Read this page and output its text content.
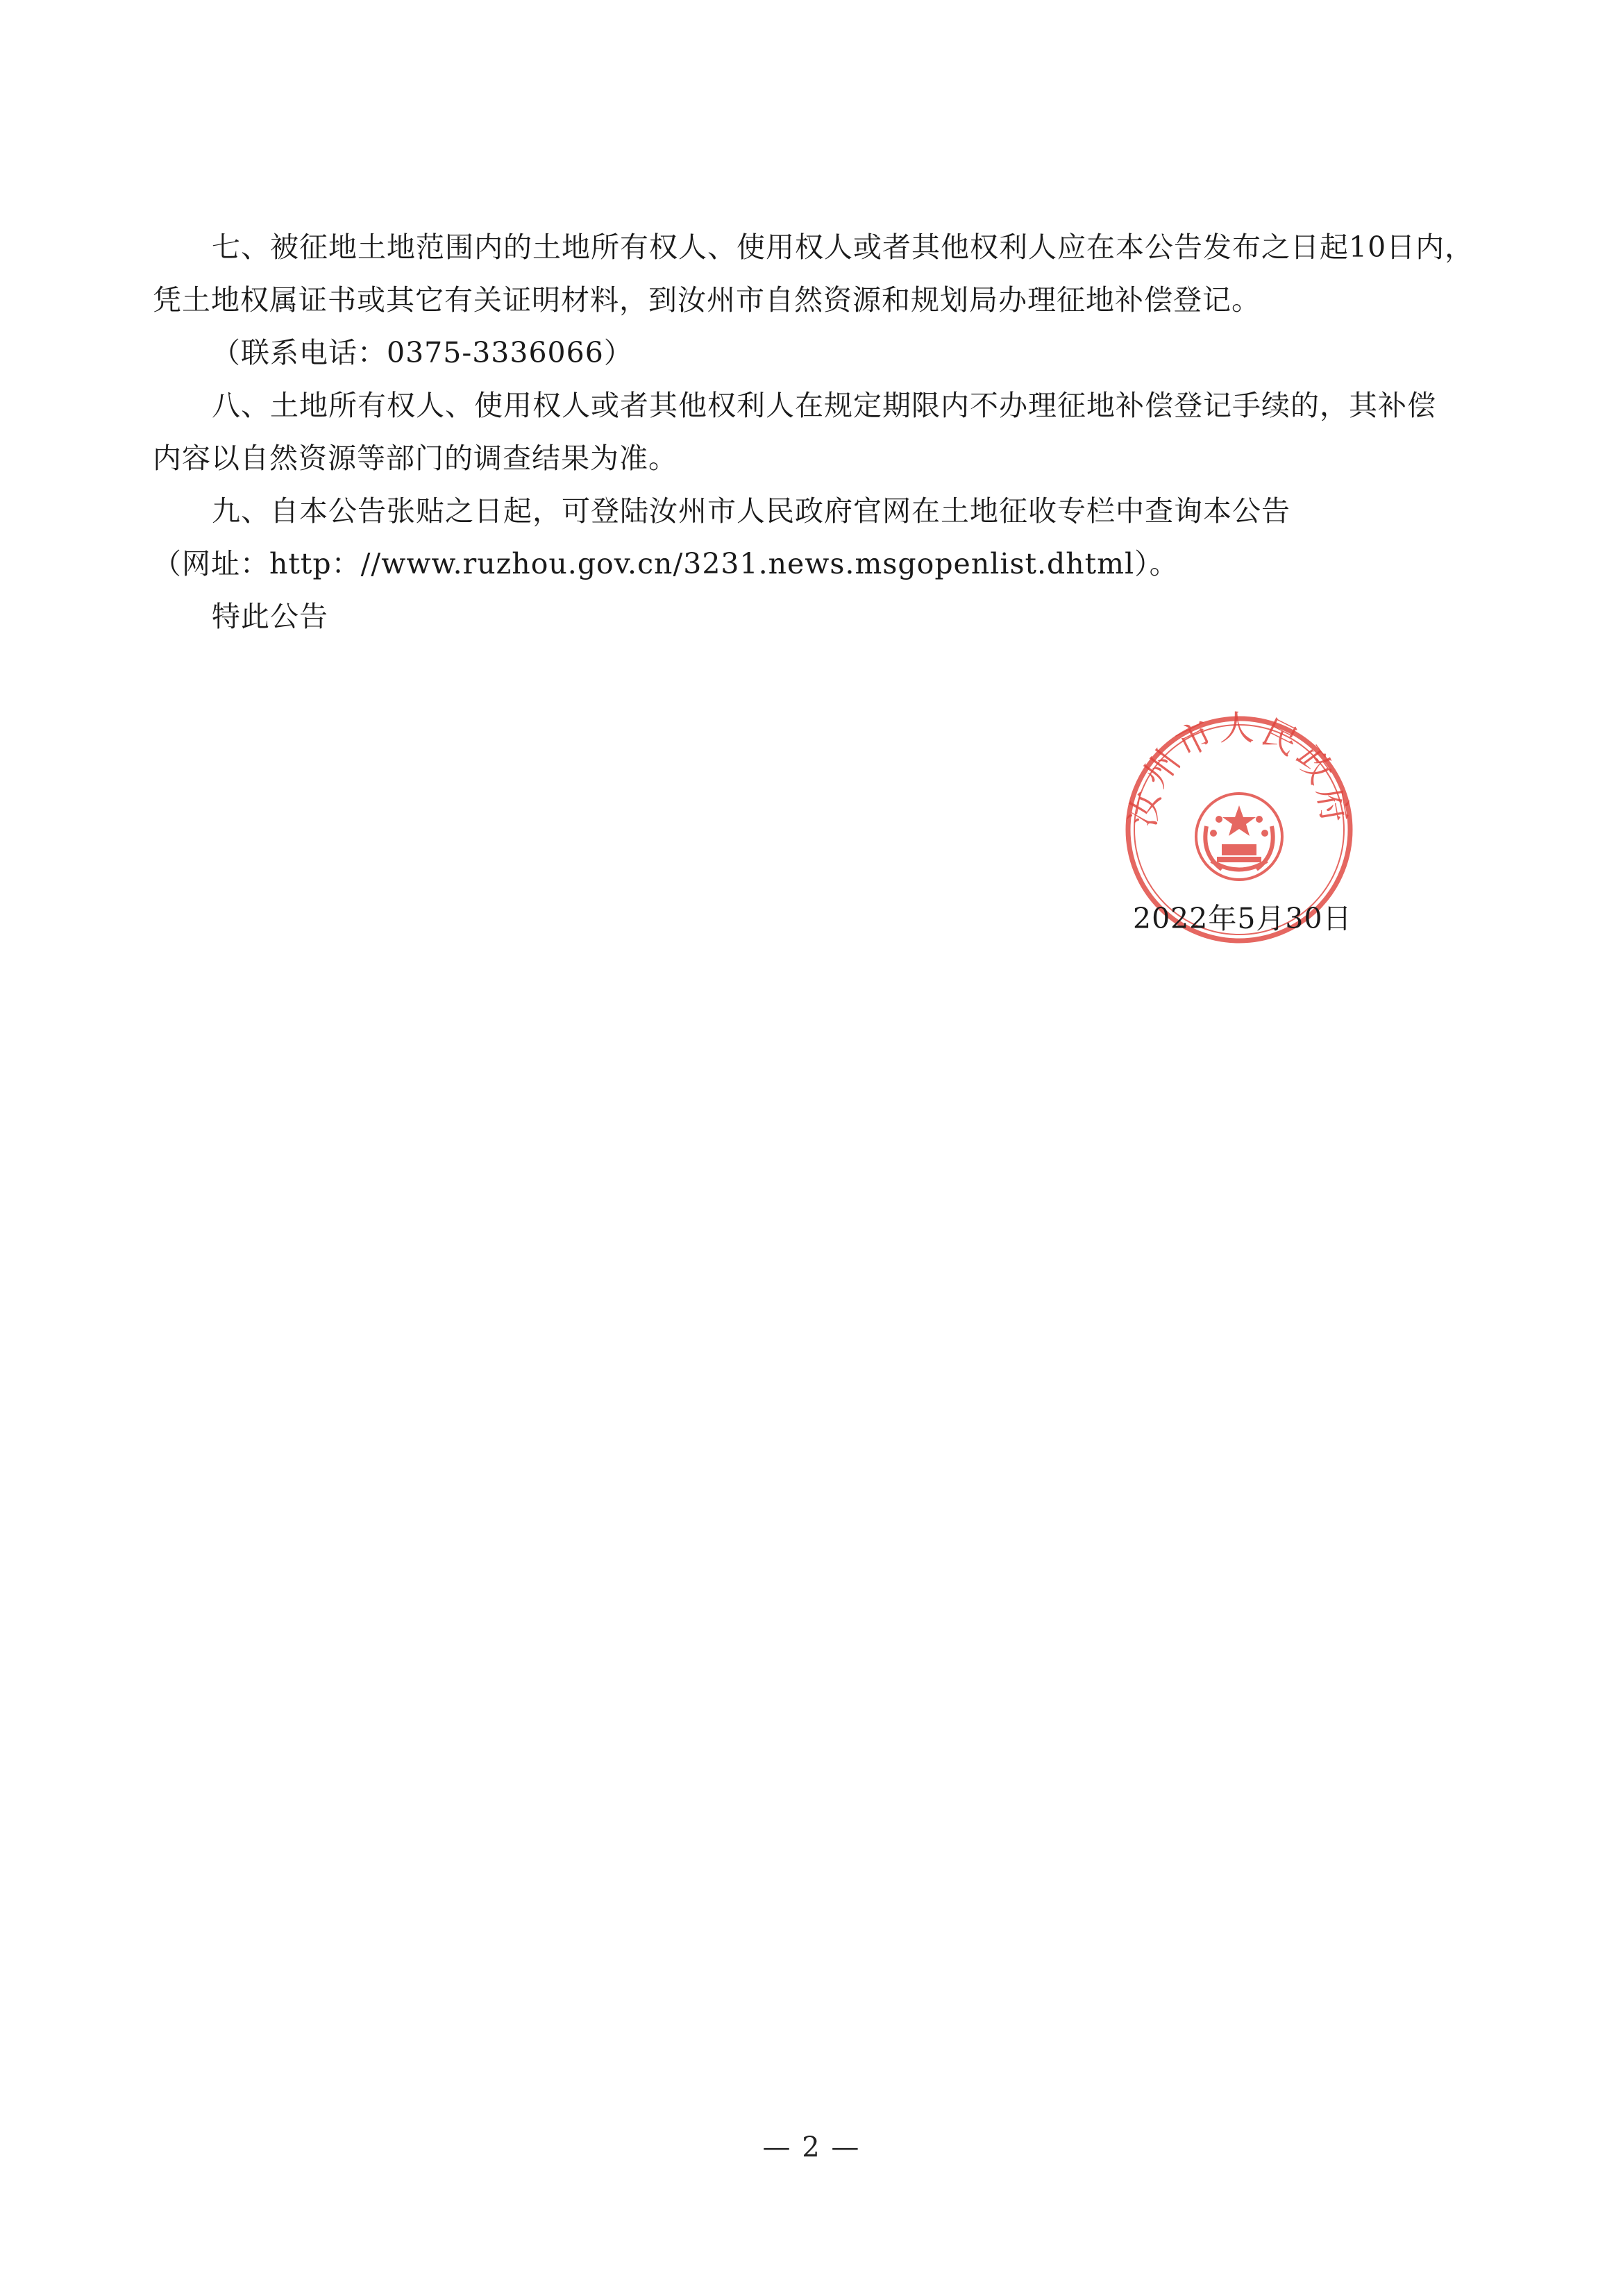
七、被征地土地范围内的土地所有权人、使用权人或者其他权利人应在本公告发布之日起10日内，
凭土地权属证书或其它有关证明材料，到汝州市自然资源和规划局办理征地补偿登记。
（联系电话：0375-3336066）
八、土地所有权人、使用权人或者其他权利人在规定期限内不办理征地补偿登记手续的，其补偿
内容以自然资源等部门的调查结果为准。
九、自本公告张贴之日起，可登陆汝州市人民政府官网在土地征收专栏中查询本公告
（网址：http：//www.ruzhou.gov.cn/3231.news.msgopenlist.dhtml）。
特此公告
汝州市人民政府
2022年5月30日
— 2 —
